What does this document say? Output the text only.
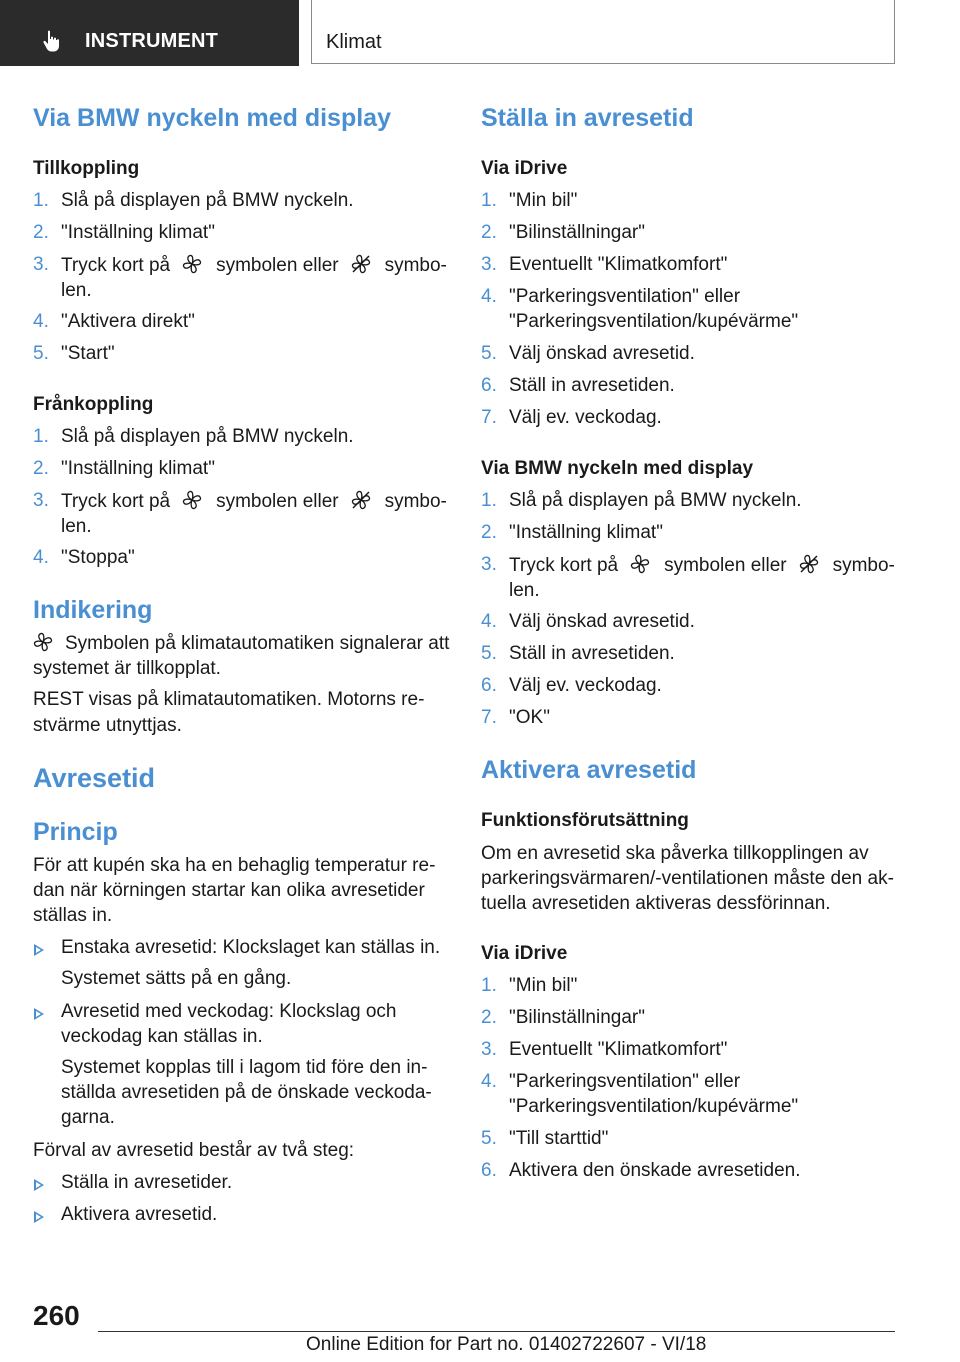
INSTRUMENT	Klimat
Via BMW nyckeln med display
Tillkoppling
1. Slå på displayen på BMW nyckeln.
2. "Inställning klimat"
3. Tryck kort på symbolen eller symbo-
len.
4. "Aktivera direkt"
5. "Start"
Frånkoppling
1. Slå på displayen på BMW nyckeln.
2. "Inställning klimat"
3. Tryck kort på symbolen eller symbo-
len.
4. "Stoppa"
Indikering
Symbolen på klimatautomatiken signalerar att
systemet är tillkopplat.
REST visas på klimatautomatiken. Motorns re-
stvärme utnyttjas.
Avresetid
Princip
För att kupén ska ha en behaglig temperatur re-
dan när körningen startar kan olika avresetider
ställas in.
Enstaka avresetid: Klockslaget kan ställas in.
Systemet sätts på en gång.
Avresetid med veckodag: Klockslag och
veckodag kan ställas in.
Systemet kopplas till i lagom tid före den in-
ställda avresetiden på de önskade veckoda-
garna.
Förval av avresetid består av två steg:
Ställa in avresetider.
Aktivera avresetid.
Ställa in avresetid
Via iDrive
1. "Min bil"
2. "Bilinställningar"
3. Eventuellt "Klimatkomfort"
4. "Parkeringsventilation" eller
"Parkeringsventilation/kupévärme"
5. Välj önskad avresetid.
6. Ställ in avresetiden.
7. Välj ev. veckodag.
Via BMW nyckeln med display
1. Slå på displayen på BMW nyckeln.
2. "Inställning klimat"
3. Tryck kort på symbolen eller symbo-
len.
4. Välj önskad avresetid.
5. Ställ in avresetiden.
6. Välj ev. veckodag.
7. "OK"
Aktivera avresetid
Funktionsförutsättning
Om en avresetid ska påverka tillkopplingen av
parkeringsvärmaren/-ventilationen måste den ak-
tuella avresetiden aktiveras dessförinnan.
Via iDrive
1. "Min bil"
2. "Bilinställningar"
3. Eventuellt "Klimatkomfort"
4. "Parkeringsventilation" eller
"Parkeringsventilation/kupévärme"
5. "Till starttid"
6. Aktivera den önskade avresetiden.
260
Online Edition for Part no. 01402722607 - VI/18
